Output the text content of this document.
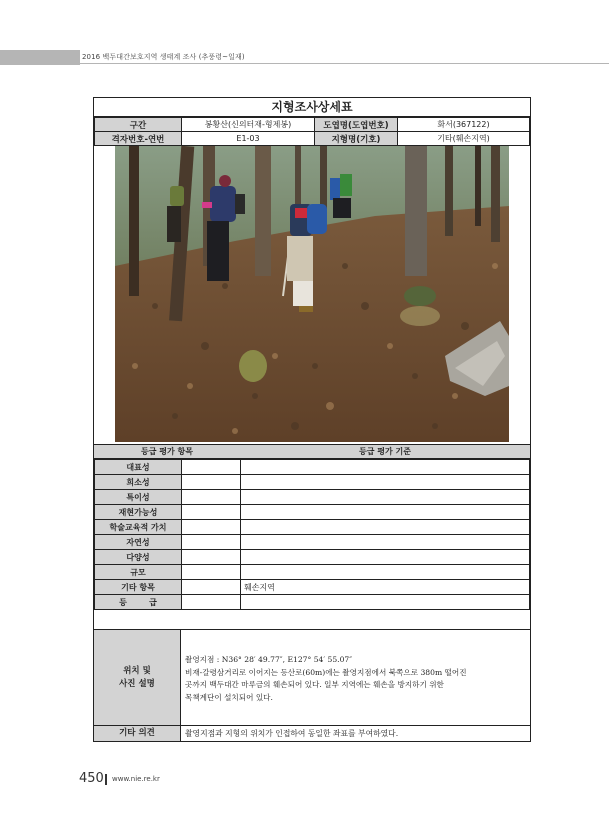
2016 백두대간보호지역 생태계 조사 (추풍령~일재)
지형조사상세표
구간	봉황산(신의터재-형제봉)	도엽명(도엽번호)	화서(367122)
격자번호-연번	E1-03	지형명(기호)	기타(훼손지역)
등급 평가 항목	등급 평가 기준
대표성		
희소성		
특이성		
재현가능성		
학술교육적 가치		
자연성		
다양성		
규모		
기타 항목		훼손지역
등        급		
위치 및
사진 설명
촬영지점 : N36° 28′ 49.77″, E127° 54′ 55.07″
비재-갈령삼거리로 이어지는 등산로(60m)에는 촬영지점에서 북쪽으로 380m 떨어진
곳까지 백두대간 마루금의 훼손되어 있다. 일부 지역에는 훼손을 방지하기 위한
목책계단이 설치되어 있다.
기타 의견	촬영지점과 지형의 위치가 인접하여 동일한 좌표를 부여하였다.
450 www.nie.re.kr
